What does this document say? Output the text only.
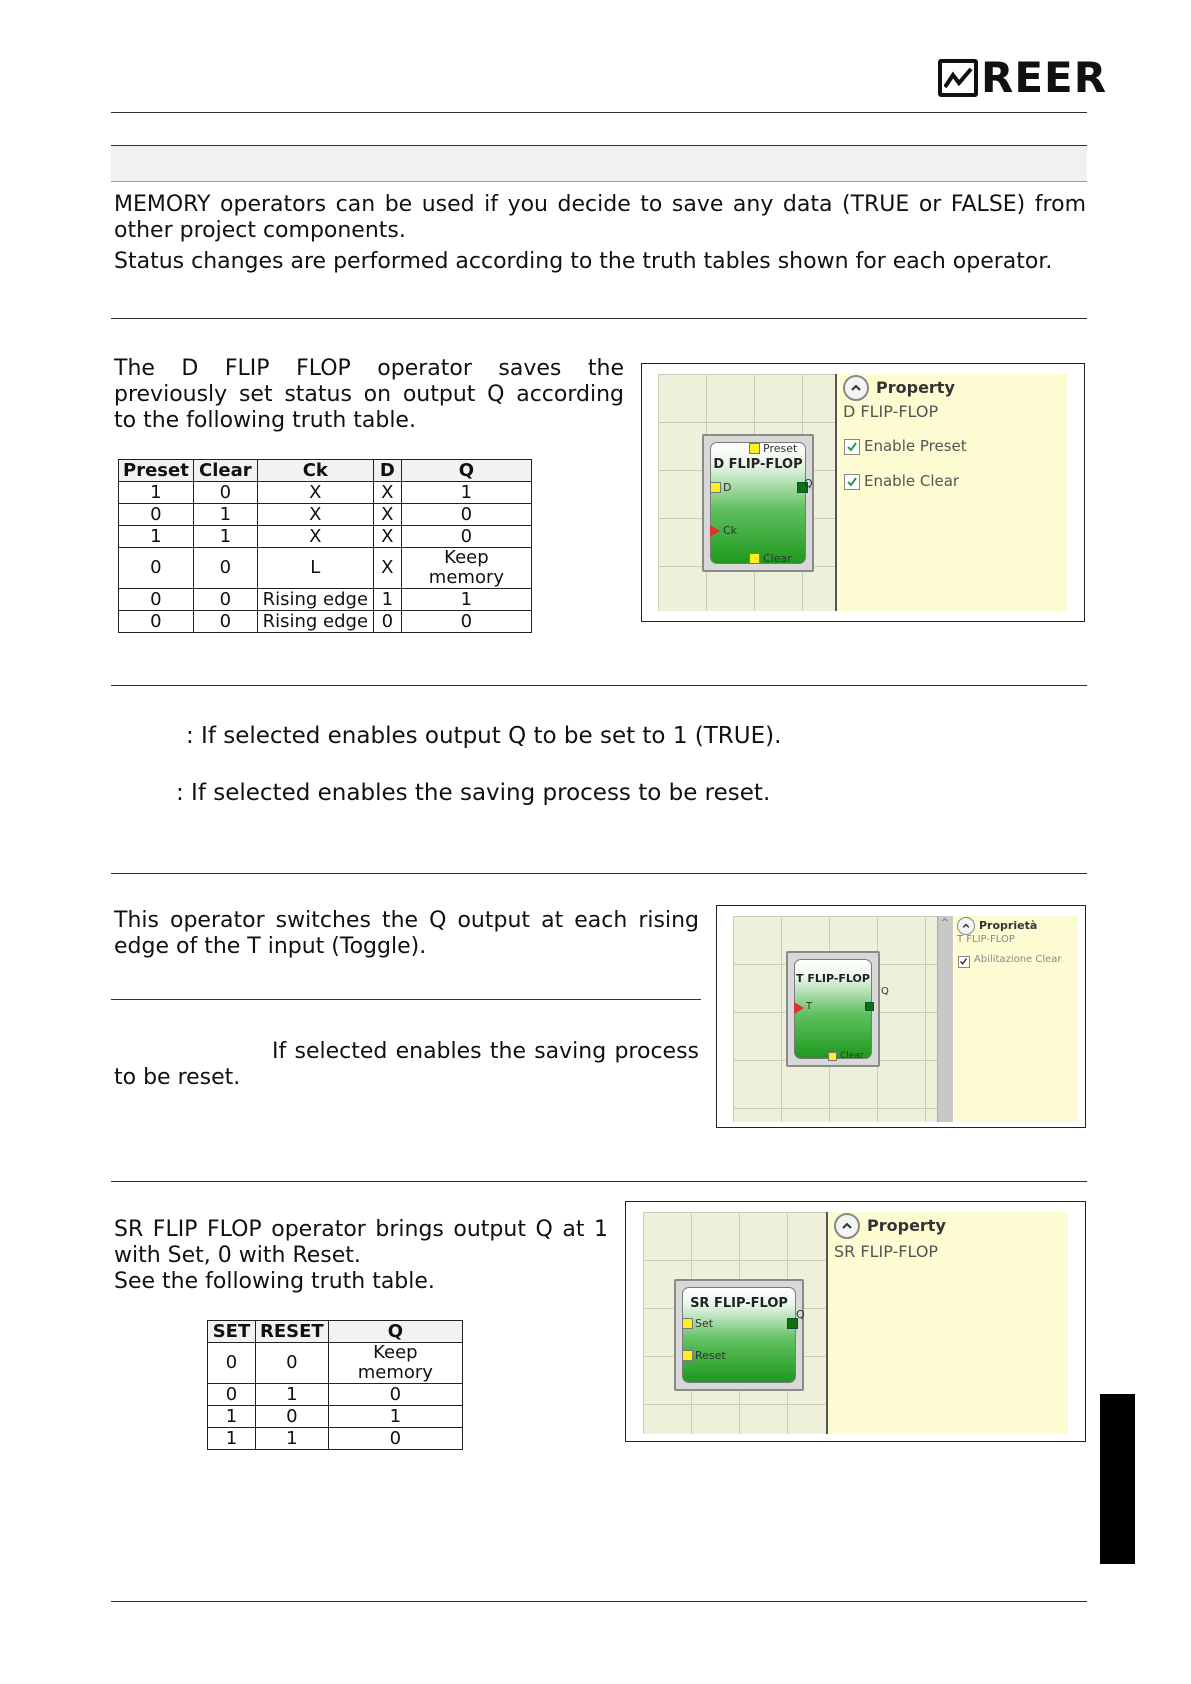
REER
MEMORY operators can be used if you decide to save any data (TRUE or FALSE) from other project components.
Status changes are performed according to the truth tables shown for each operator.
The D FLIP FLOP operator saves the previously set status on output Q according to the following truth table.
Preset	Clear	Ck	D	Q
1	0	X	X	1
0	1	X	X	0
1	1	X	X	0
0	0	L	X	Keep memory
0	0	Rising edge	1	1
0	0	Rising edge	0	0
D FLIP-FLOP
Preset
D
Ck
Clear
Q
Property
D FLIP-FLOP
Enable Preset
Enable Clear
: If selected enables output Q to be set to 1 (TRUE).
: If selected enables the saving process to be reset.
This operator switches the Q output at each rising edge of the T input (Toggle).
If selected enables the saving process to be reset.
^
T FLIP-FLOP
T
Clear
Q
Proprietà
T FLIP-FLOP
Abilitazione Clear
SR FLIP FLOP operator brings output Q at 1 with Set, 0 with Reset.
See the following truth table.
SET	RESET	Q
0	0	Keep memory
0	1	0
1	0	1
1	1	0
SR FLIP-FLOP
Set
Reset
Q
Property
SR FLIP-FLOP
